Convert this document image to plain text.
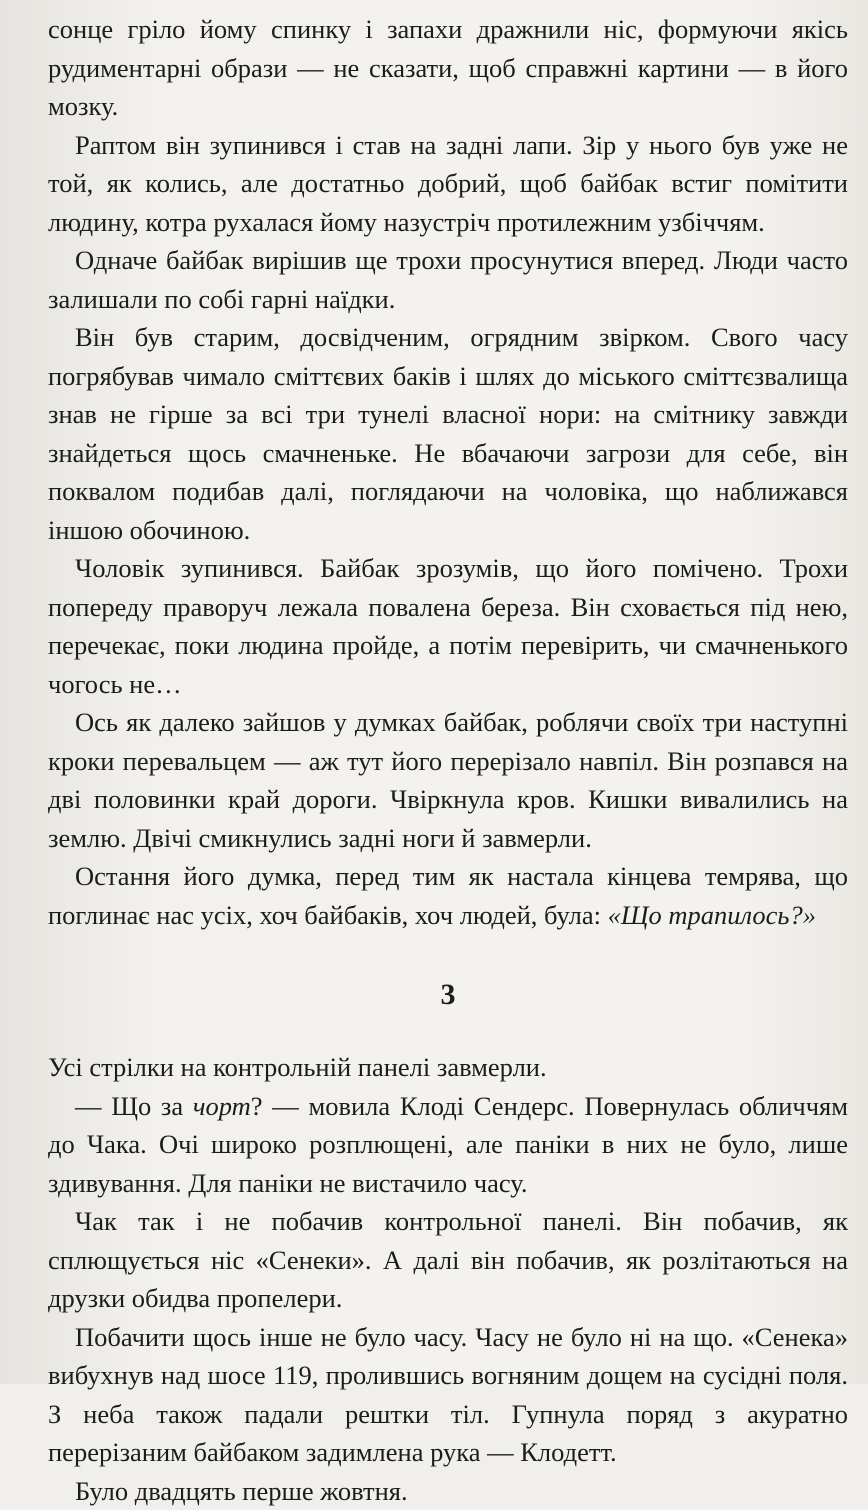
сонце гріло йому спинку і запахи дражнили ніс, формуючи якісь рудиментарні образи — не сказати, щоб справжні картини — в його мозку.

Раптом він зупинився і став на задні лапи. Зір у нього був уже не той, як колись, але достатньо добрий, щоб байбак встиг помітити людину, котра рухалася йому назустріч протилежним узбіччям.

Одначе байбак вирішив ще трохи просунутися вперед. Люди часто залишали по собі гарні наїдки.

Він був старим, досвідченим, огрядним звірком. Свого часу погрябував чимало сміттєвих баків і шлях до міського сміттєзвалища знав не гірше за всі три тунелі власної нори: на смітнику завжди знайдеться щось смачненьке. Не вбачаючи загрози для себе, він поквалом подибав далі, поглядаючи на чоловіка, що наближався іншою обочиною.

Чоловік зупинився. Байбак зрозумів, що його помічено. Трохи попереду праворуч лежала повалена береза. Він сховається під нею, перечекає, поки людина пройде, а потім перевірить, чи смачненького чогось не…

Ось як далеко зайшов у думках байбак, роблячи своїх три наступні кроки перевальцем — аж тут його перерізало навпіл. Він розпався на дві половинки край дороги. Чвіркнула кров. Кишки вивалились на землю. Двічі смикнулись задні ноги й завмерли.

Остання його думка, перед тим як настала кінцева темрява, що поглинає нас усіх, хоч байбаків, хоч людей, була: «Що трапилось?»

3

Усі стрілки на контрольній панелі завмерли.

— Що за чорт? — мовила Клоді Сендерс. Повернулась обличчям до Чака. Очі широко розплющені, але паніки в них не було, лише здивування. Для паніки не вистачило часу.

Чак так і не побачив контрольної панелі. Він побачив, як сплющується ніс «Сенеки». А далі він побачив, як розлітаються на друзки обидва пропелери.

Побачити щось інше не було часу. Часу не було ні на що. «Сенека» вибухнув над шосе 119, пролившись вогняним дощем на сусідні поля. З неба також падали рештки тіл. Гупнула поряд з акуратно перерізаним байбаком задимлена рука — Клодетт.

Було двадцять перше жовтня.
